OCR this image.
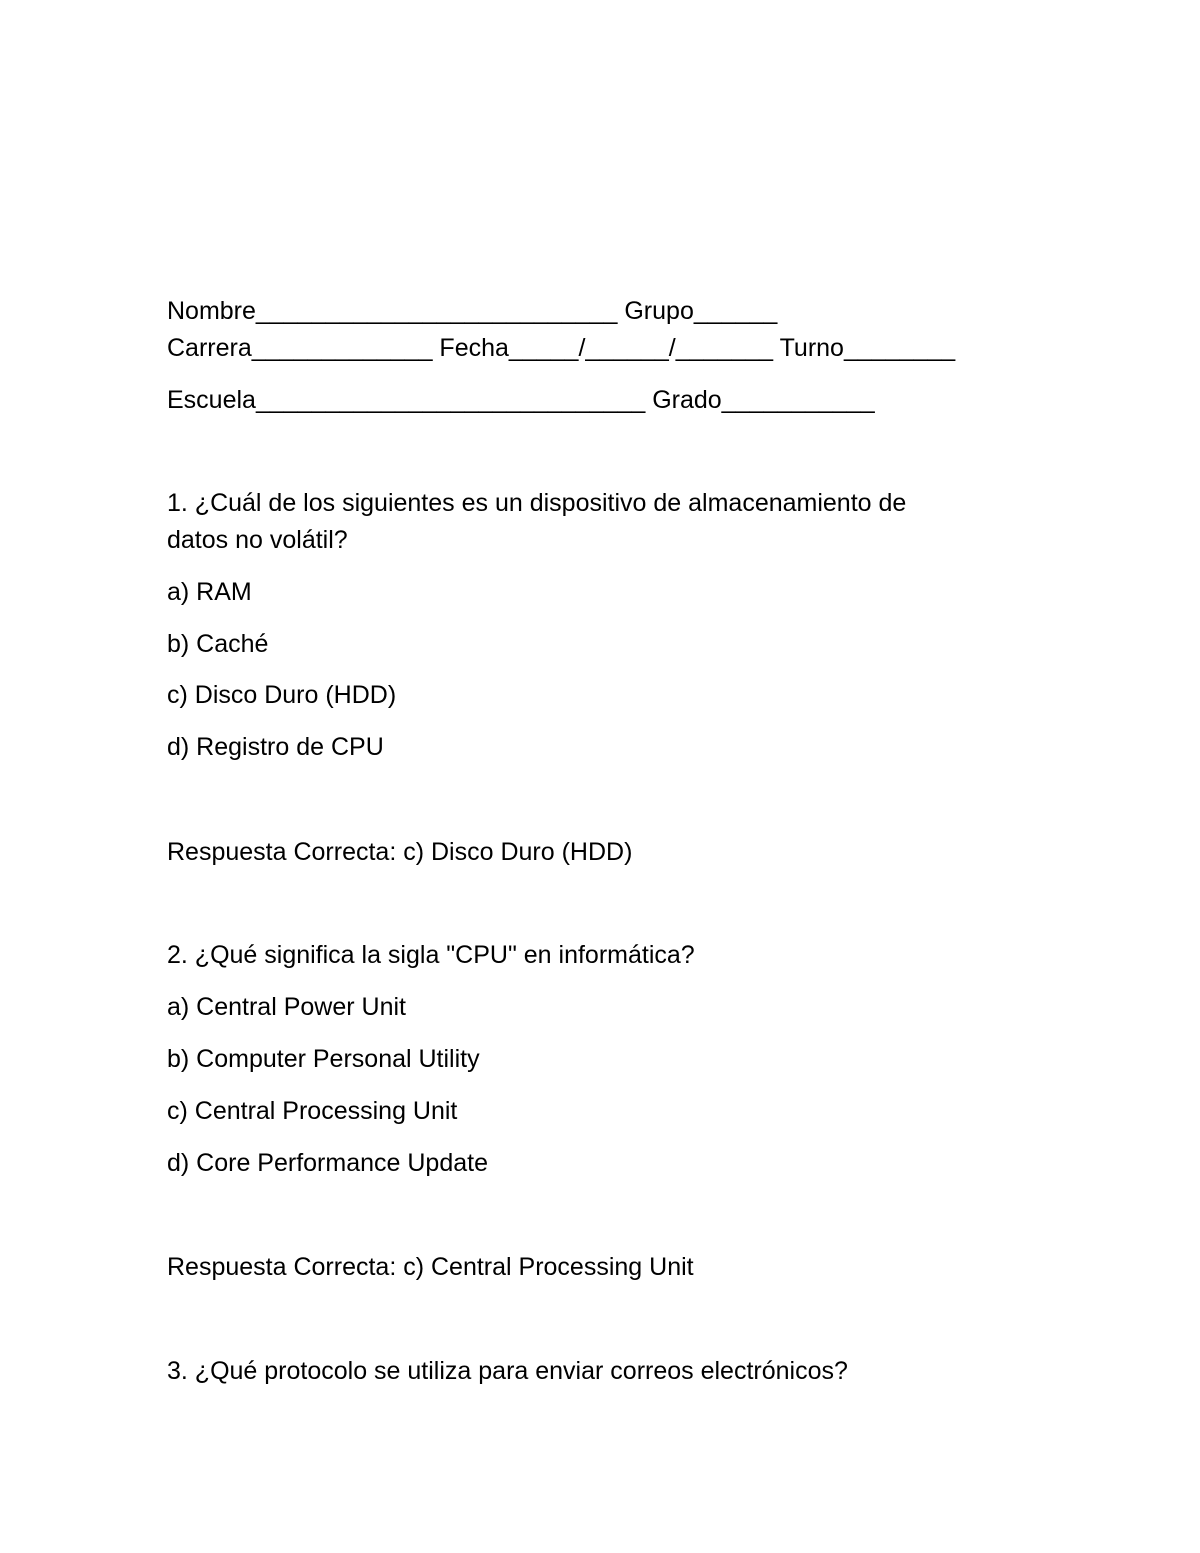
Nombre__________________________ Grupo______

Carrera_____________ Fecha_____/______/_______ Turno________

Escuela____________________________ Grado___________

1. ¿Cuál de los siguientes es un dispositivo de almacenamiento de

datos no volátil?

a) RAM

b) Caché

c) Disco Duro (HDD)

d) Registro de CPU

Respuesta Correcta: c) Disco Duro (HDD)

2. ¿Qué significa la sigla "CPU" en informática?

a) Central Power Unit

b) Computer Personal Utility

c) Central Processing Unit

d) Core Performance Update

Respuesta Correcta: c) Central Processing Unit

3. ¿Qué protocolo se utiliza para enviar correos electrónicos?
